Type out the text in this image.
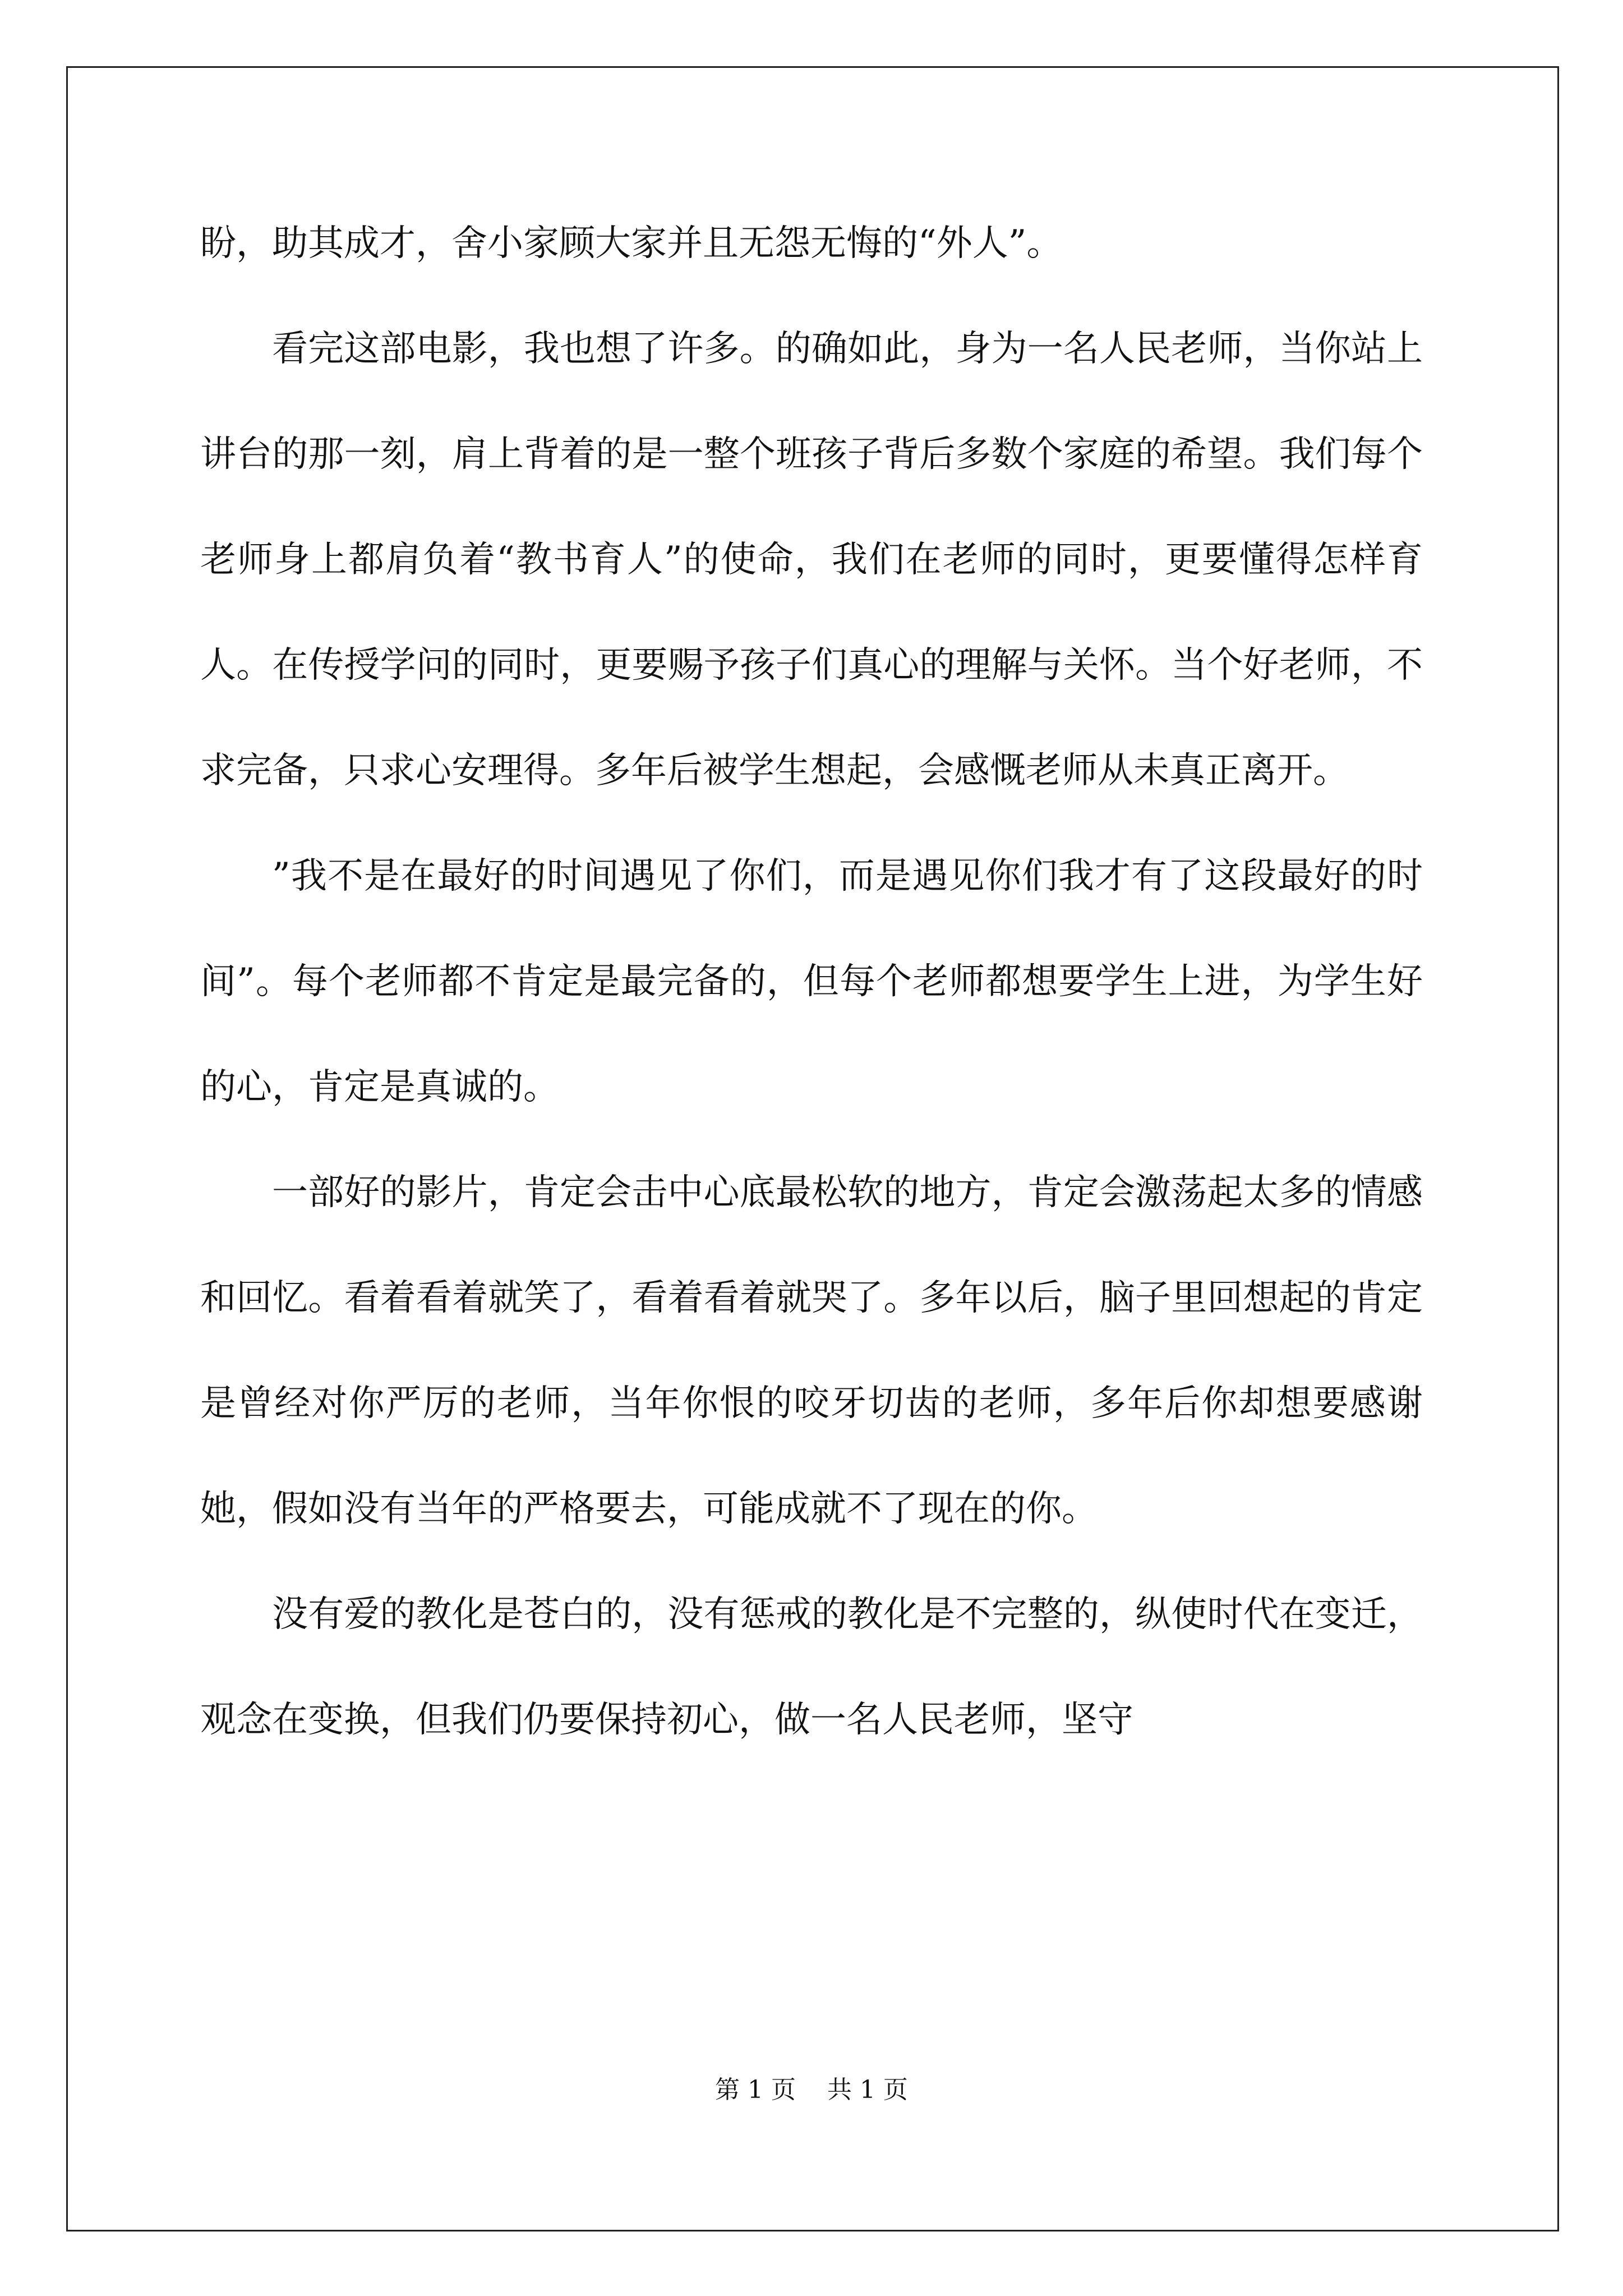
盼，助其成才，舍小家顾大家并且无怨无悔的“外人”。

看完这部电影，我也想了许多。的确如此，身为一名人民老师，当你站上讲台的那一刻，肩上背着的是一整个班孩子背后多数个家庭的希望。我们每个老师身上都肩负着“教书育人”的使命，我们在老师的同时，更要懂得怎样育人。在传授学问的同时，更要赐予孩子们真心的理解与关怀。当个好老师，不求完备，只求心安理得。多年后被学生想起，会感慨老师从未真正离开。

”我不是在最好的时间遇见了你们，而是遇见你们我才有了这段最好的时间”。每个老师都不肯定是最完备的，但每个老师都想要学生上进，为学生好的心，肯定是真诚的。

一部好的影片，肯定会击中心底最松软的地方，肯定会激荡起太多的情感和回忆。看着看着就笑了，看着看着就哭了。多年以后，脑子里回想起的肯定是曾经对你严厉的老师，当年你恨的咬牙切齿的老师，多年后你却想要感谢她，假如没有当年的严格要去，可能成就不了现在的你。

没有爱的教化是苍白的，没有惩戒的教化是不完整的，纵使时代在变迁，观念在变换，但我们仍要保持初心，做一名人民老师，坚守

第 1 页    共 1 页
